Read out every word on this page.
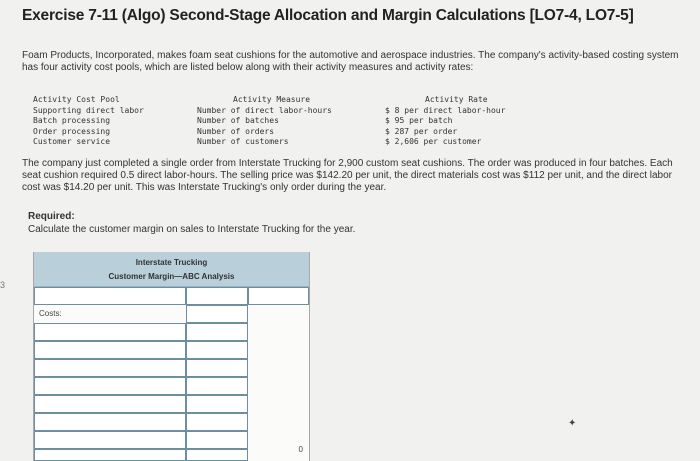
Exercise 7-11 (Algo) Second-Stage Allocation and Margin Calculations [LO7-4, LO7-5]
Foam Products, Incorporated, makes foam seat cushions for the automotive and aerospace industries. The company's activity-based costing system has four activity cost pools, which are listed below along with their activity measures and activity rates:
Activity Cost Pool	Activity Measure	Activity Rate
Supporting direct labor	Number of direct labor-hours	$ 8 per direct labor-hour
Batch processing	Number of batches	$ 95 per batch
Order processing	Number of orders	$ 287 per order
Customer service	Number of customers	$ 2,606 per customer
The company just completed a single order from Interstate Trucking for 2,900 custom seat cushions. The order was produced in four batches. Each seat cushion required 0.5 direct labor-hours. The selling price was $142.20 per unit, the direct materials cost was $112 per unit, and the direct labor cost was $14.20 per unit. This was Interstate Trucking's only order during the year.
Required:
Calculate the customer margin on sales to Interstate Trucking for the year.
Interstate Trucking
Customer Margin—ABC Analysis
Costs:
0
3
✦
